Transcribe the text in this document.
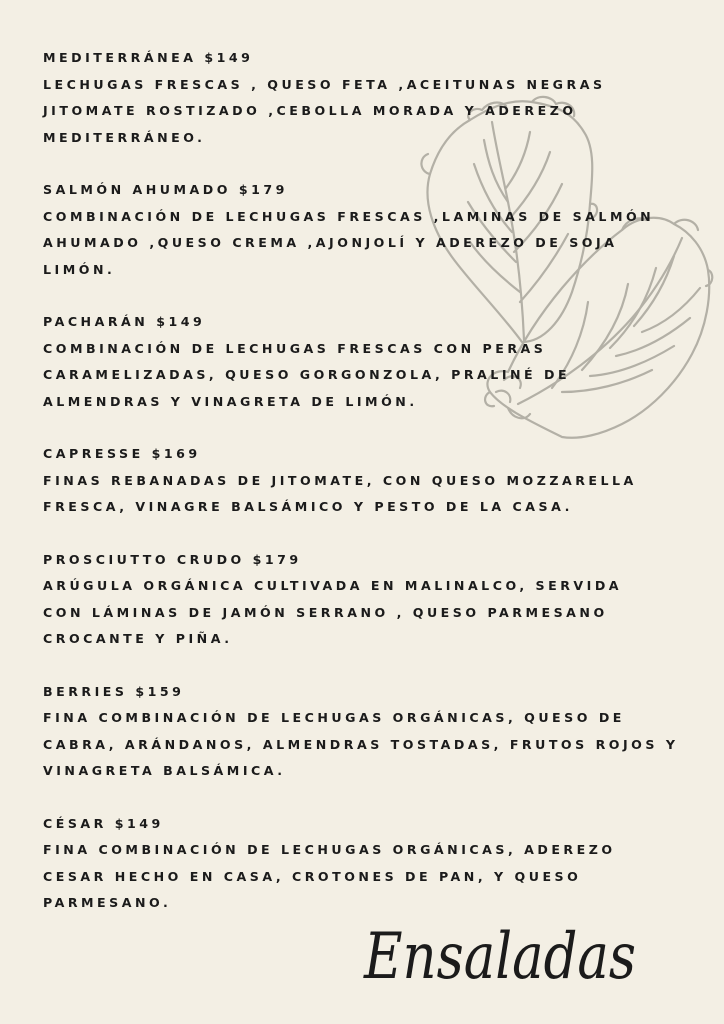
MEDITERRÁNEA $149
LECHUGAS FRESCAS , QUESO FETA ,ACEITUNAS NEGRAS
JITOMATE ROSTIZADO ,CEBOLLA MORADA Y ADEREZO
MEDITERRÁNEO.
SALMÓN AHUMADO $179
COMBINACIÓN DE LECHUGAS FRESCAS ,LAMINAS DE SALMÓN
AHUMADO ,QUESO CREMA ,AJONJOLÍ Y ADEREZO DE SOJA
LIMÓN.
PACHARÁN $149
COMBINACIÓN DE LECHUGAS FRESCAS CON PERAS
CARAMELIZADAS, QUESO GORGONZOLA, PRALINÉ DE
ALMENDRAS Y VINAGRETA DE LIMÓN.
CAPRESSE $169
FINAS REBANADAS DE JITOMATE, CON QUESO MOZZARELLA
FRESCA, VINAGRE BALSÁMICO Y PESTO DE LA CASA.
PROSCIUTTO CRUDO $179
ARÚGULA ORGÁNICA CULTIVADA EN MALINALCO, SERVIDA
CON LÁMINAS DE JAMÓN SERRANO , QUESO PARMESANO
CROCANTE Y PIÑA.
BERRIES $159
FINA COMBINACIÓN DE LECHUGAS ORGÁNICAS, QUESO DE
CABRA, ARÁNDANOS, ALMENDRAS TOSTADAS, FRUTOS ROJOS Y
VINAGRETA BALSÁMICA.
CÉSAR $149
FINA COMBINACIÓN DE LECHUGAS ORGÁNICAS, ADEREZO
CESAR HECHO EN CASA, CROTONES DE PAN, Y QUESO
PARMESANO.
Ensaladas
